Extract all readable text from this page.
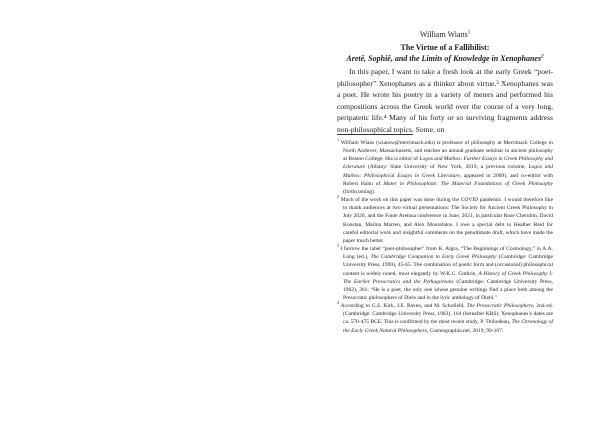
William Wians$^1$
The Virtue of a Fallibilist:
Aretê, Sophiê, and the Limits of Knowledge in Xenophanes$^2$

In this paper, I want to take a fresh look at the early Greek “poet-philosopher” Xenophanes as a thinker about virtue.³ Xenophanes was a poet. He wrote his poetry in a variety of meters and performed his compositions across the Greek world over the course of a very long, peripatetic life.⁴ Many of his forty or so surviving fragments address non-philosophical topics. Some, on

$^1$ William Wians (wiansw@merrimack.edu) is professor of philosophy at Merrimack College in North Andover, Massachusetts, and teaches an annual graduate seminar in ancient philosophy at Boston College. His is editor of Logos and Muthos: Further Essays in Greek Philosophy and Literature (Albany: State University of New York, 2019; a previous volume, Logos and Muthos: Philosophical Essays in Greek Literature, appeared in 2009), and co-editor with Robert Hahn of Mater in Philosophiae: The Material Foundations of Greek Philosophy (forthcoming).

$^2$ Much of the work on this paper was done during the COVID pandemic. I would therefore like to thank audiences at two virtual presentations: The Society for Ancient Greek Philosophy in July 2020, and the Fonte Aretusa conference in June, 2021, in particular Rose Cherubin, David Konstan, Marina Marren, and Alex Mourelatos. I owe a special debt to Heather Reid for careful editorial work and insightful comments on the penultimate draft, which have made the paper much better.

$^3$ I borrow the label “poet-philosopher” from K. Algra, “The Beginnings of Cosmology,” in A.A. Long (ed.), The Cambridge Companion to Early Greek Philosophy (Cambridge: Cambridge University Press, 1999), 45-65. The combination of poetic form and (occasional) philosophical content is widely noted, most elegantly by W.K.C. Guthrie, A History of Greek Philosophy I: The Earlier Presocratics and the Pythagoreans (Cambridge: Cambridge University Press, 1962), 361: “He is a poet, the only one whose genuine writings find a place both among the Presocratic philosophers of Diels and in the lyric anthology of Diehl.”

$^4$ According to G.S. Kirk, J.E. Raven, and M. Schofield, The Presocratic Philosophers, 2nd ed. (Cambridge: Cambridge University Press, 1983), 164 (hereafter KRS), Xenophanes’s dates are ca. 570-475 BCE. This is confirmed by the most recent study, P. Thibodeau, The Chronology of the Early Greek Natural Philosophers, Cosmographia.net, 2019, 99-107.
